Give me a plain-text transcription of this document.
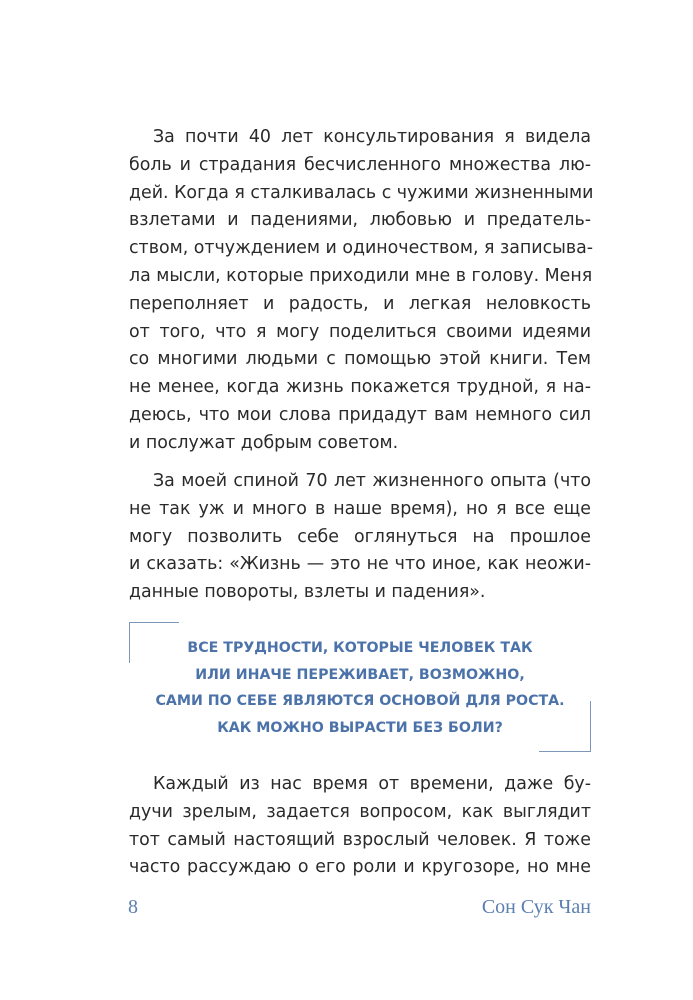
За почти 40 лет консультирования я видела
боль и страдания бесчисленного множества лю-
дей. Когда я сталкивалась с чужими жизненными
взлетами и падениями, любовью и предатель-
ством, отчуждением и одиночеством, я записыва-
ла мысли, которые приходили мне в голову. Меня
переполняет и радость, и легкая неловкость
от того, что я могу поделиться своими идеями
со многими людьми с помощью этой книги. Тем
не менее, когда жизнь покажется трудной, я на-
деюсь, что мои слова придадут вам немного сил
и послужат добрым советом.
За моей спиной 70 лет жизненного опыта (что
не так уж и много в наше время), но я все еще
могу позволить себе оглянуться на прошлое
и сказать: «Жизнь — это не что иное, как неожи-
данные повороты, взлеты и падения».
ВСЕ ТРУДНОСТИ, КОТОРЫЕ ЧЕЛОВЕК ТАК
ИЛИ ИНАЧЕ ПЕРЕЖИВАЕТ, ВОЗМОЖНО,
САМИ ПО СЕБЕ ЯВЛЯЮТСЯ ОСНОВОЙ ДЛЯ РОСТА.
КАК МОЖНО ВЫРАСТИ БЕЗ БОЛИ?
Каждый из нас время от времени, даже бу-
дучи зрелым, задается вопросом, как выглядит
тот самый настоящий взрослый человек. Я тоже
часто рассуждаю о его роли и кругозоре, но мне
8	Сон Сук Чан
